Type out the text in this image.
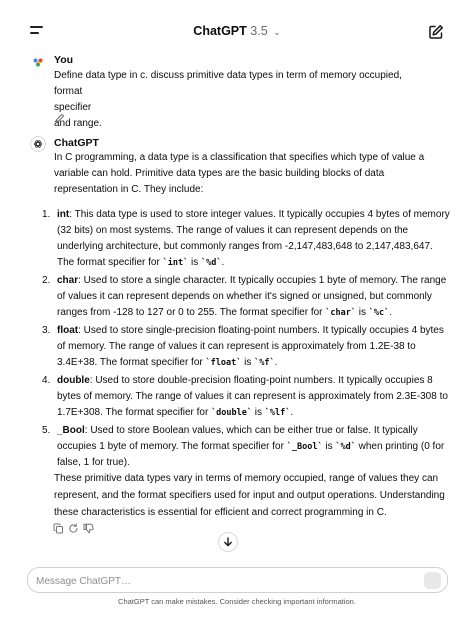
ChatGPT 3.5 ⌄
You
Define data type in c. discuss primitive data types in term of memory occupied, format
specifier
and range.
ChatGPT
In C programming, a data type is a classification that specifies which type of value a variable can hold. Primitive data types are the basic building blocks of data representation in C. They include:
1. int: This data type is used to store integer values. It typically occupies 4 bytes of memory (32 bits) on most systems. The range of values it can represent depends on the underlying architecture, but commonly ranges from -2,147,483,648 to 2,147,483,647. The format specifier for `int` is `%d`.
2. char: Used to store a single character. It typically occupies 1 byte of memory. The range of values it can represent depends on whether it's signed or unsigned, but commonly ranges from -128 to 127 or 0 to 255. The format specifier for `char` is `%c`.
3. float: Used to store single-precision floating-point numbers. It typically occupies 4 bytes of memory. The range of values it can represent is approximately from 1.2E-38 to 3.4E+38. The format specifier for `float` is `%f`.
4. double: Used to store double-precision floating-point numbers. It typically occupies 8 bytes of memory. The range of values it can represent is approximately from 2.3E-308 to 1.7E+308. The format specifier for `double` is `%lf`.
5. _Bool: Used to store Boolean values, which can be either true or false. It typically occupies 1 byte of memory. The format specifier for `_Bool` is `%d` when printing (0 for false, 1 for true).
These primitive data types vary in terms of memory occupied, range of values they can represent, and the format specifiers used for input and output operations. Understanding these characteristics is essential for efficient and correct programming in C.
Message ChatGPT…
ChatGPT can make mistakes. Consider checking important information.
